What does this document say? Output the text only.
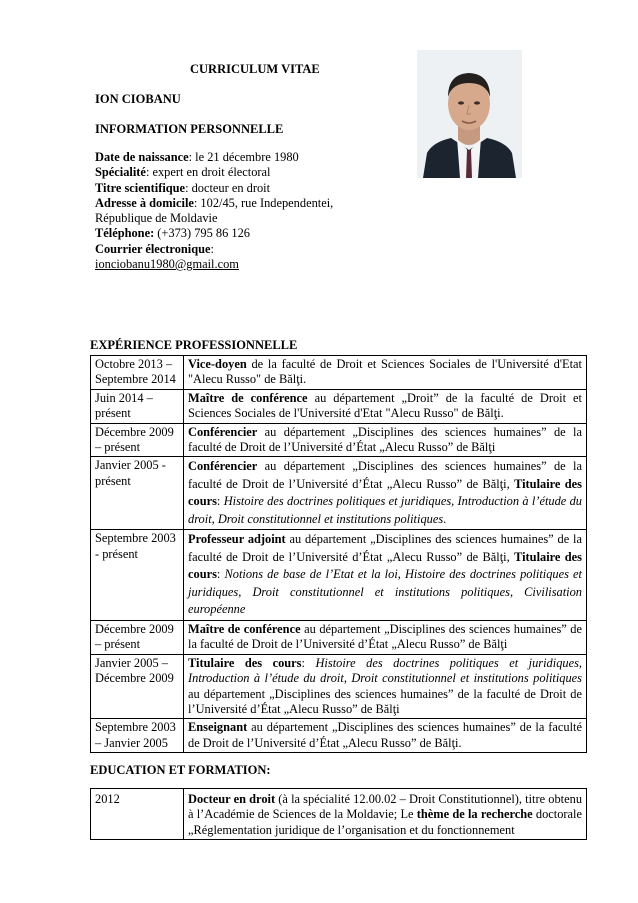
CURRICULUM VITAE
ION CIOBANU
INFORMATION PERSONNELLE

Date de naissance: le 21 décembre 1980

Spécialité: expert en droit électoral

Titre scientifique: docteur en droit

Adresse à domicile: 102/45, rue Independentei, République de Moldavie

Téléphone: (+373) 795 86 126

Courrier électronique:
ionciobanu1980@gmail.com

EXPÉRIENCE PROFESSIONNELLE
Octobre 2013 – Septembre 2014	Vice-doyen de la faculté de Droit et Sciences Sociales de l'Université d'Etat "Alecu Russo" de Bălţi.
Juin 2014 – présent	Maître de conférence au département „Droit” de la faculté de Droit et Sciences Sociales de l'Université d'Etat "Alecu Russo" de Bălţi.
Décembre 2009 – présent	Conférencier au département „Disciplines des sciences humaines” de la faculté de Droit de l’Université d’État „Alecu Russo” de Bălţi
Janvier 2005 - présent	Conférencier au département „Disciplines des sciences humaines” de la faculté de Droit de l’Université d’État „Alecu Russo” de Bălţi, Titulaire des cours: Histoire des doctrines politiques et juridiques, Introduction à l’étude du droit, Droit constitutionnel et institutions politiques.
Septembre 2003 - présent	Professeur adjoint au département „Disciplines des sciences humaines” de la faculté de Droit de l’Université d’État „Alecu Russo” de Bălţi, Titulaire des cours: Notions de base de l’Etat et la loi, Histoire des doctrines politiques et juridiques, Droit constitutionnel et institutions politiques, Civilisation européenne
Décembre 2009 – présent	Maître de conférence au département „Disciplines des sciences humaines” de la faculté de Droit de l’Université d’État „Alecu Russo” de Bălţi
Janvier 2005 – Décembre 2009	Titulaire des cours: Histoire des doctrines politiques et juridiques, Introduction à l’étude du droit, Droit constitutionnel et institutions politiques au département „Disciplines des sciences humaines” de la faculté de Droit de l’Université d’État „Alecu Russo” de Bălţi
Septembre 2003 – Janvier 2005	Enseignant au département „Disciplines des sciences humaines” de la faculté de Droit de l’Université d’État „Alecu Russo” de Bălţi.
EDUCATION ET FORMATION:
2012	Docteur en droit (à la spécialité 12.00.02 – Droit Constitutionnel), titre obtenu à l’Académie de Sciences de la Moldavie; Le thème de la recherche doctorale „Réglementation juridique de l’organisation et du fonctionnement
